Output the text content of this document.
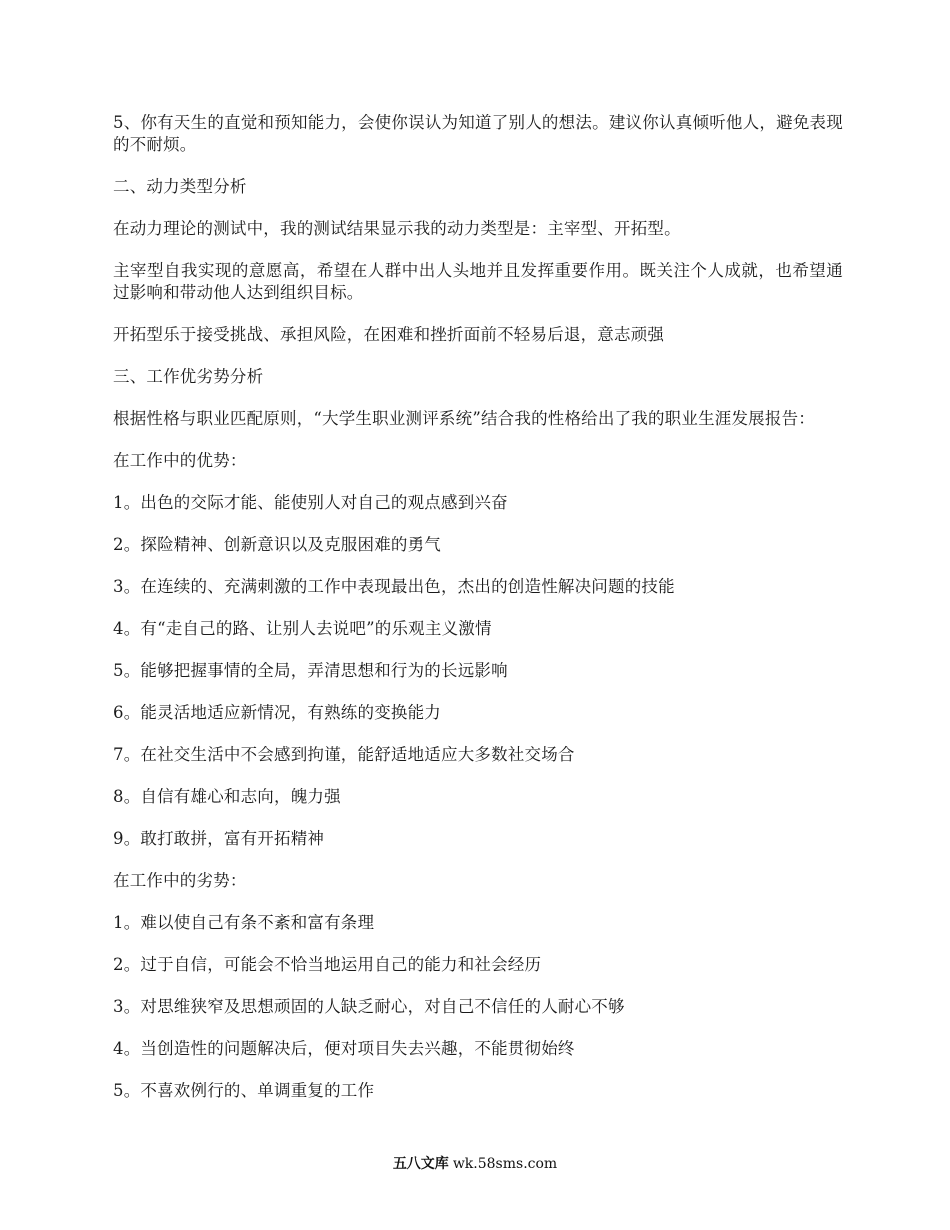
5、你有天生的直觉和预知能力，会使你误认为知道了别人的想法。建议你认真倾听他人，避免表现的不耐烦。

二、动力类型分析

在动力理论的测试中，我的测试结果显示我的动力类型是：主宰型、开拓型。

主宰型自我实现的意愿高，希望在人群中出人头地并且发挥重要作用。既关注个人成就，也希望通过影响和带动他人达到组织目标。

开拓型乐于接受挑战、承担风险，在困难和挫折面前不轻易后退，意志顽强

三、工作优劣势分析

根据性格与职业匹配原则，“大学生职业测评系统”结合我的性格给出了我的职业生涯发展报告：

在工作中的优势：

1。出色的交际才能、能使别人对自己的观点感到兴奋

2。探险精神、创新意识以及克服困难的勇气

3。在连续的、充满刺激的工作中表现最出色，杰出的创造性解决问题的技能

4。有“走自己的路、让别人去说吧”的乐观主义激情

5。能够把握事情的全局，弄清思想和行为的长远影响

6。能灵活地适应新情况，有熟练的变换能力

7。在社交生活中不会感到拘谨，能舒适地适应大多数社交场合

8。自信有雄心和志向，魄力强

9。敢打敢拼，富有开拓精神

在工作中的劣势：

1。难以使自己有条不紊和富有条理

2。过于自信，可能会不恰当地运用自己的能力和社会经历

3。对思维狭窄及思想顽固的人缺乏耐心，对自己不信任的人耐心不够

4。当创造性的问题解决后，便对项目失去兴趣，不能贯彻始终

5。不喜欢例行的、单调重复的工作

五八文库 wk.58sms.com
